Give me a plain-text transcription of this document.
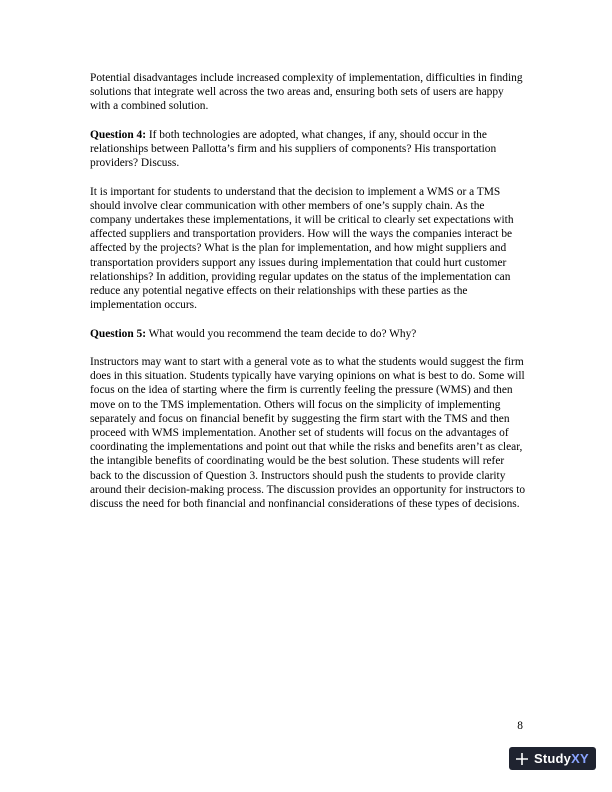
Potential disadvantages include increased complexity of implementation, difficulties in finding solutions that integrate well across the two areas and, ensuring both sets of users are happy with a combined solution.

Question 4: If both technologies are adopted, what changes, if any, should occur in the relationships between Pallotta’s firm and his suppliers of components? His transportation providers? Discuss.

It is important for students to understand that the decision to implement a WMS or a TMS should involve clear communication with other members of one’s supply chain. As the company undertakes these implementations, it will be critical to clearly set expectations with affected suppliers and transportation providers. How will the ways the companies interact be affected by the projects? What is the plan for implementation, and how might suppliers and transportation providers support any issues during implementation that could hurt customer relationships? In addition, providing regular updates on the status of the implementation can reduce any potential negative effects on their relationships with these parties as the implementation occurs.

Question 5: What would you recommend the team decide to do? Why?

Instructors may want to start with a general vote as to what the students would suggest the firm does in this situation. Students typically have varying opinions on what is best to do. Some will focus on the idea of starting where the firm is currently feeling the pressure (WMS) and then move on to the TMS implementation. Others will focus on the simplicity of implementing separately and focus on financial benefit by suggesting the firm start with the TMS and then proceed with WMS implementation. Another set of students will focus on the advantages of coordinating the implementations and point out that while the risks and benefits aren’t as clear, the intangible benefits of coordinating would be the best solution. These students will refer back to the discussion of Question 3. Instructors should push the students to provide clarity around their decision-making process. The discussion provides an opportunity for instructors to discuss the need for both financial and nonfinancial considerations of these types of decisions.

8
StudyXY
